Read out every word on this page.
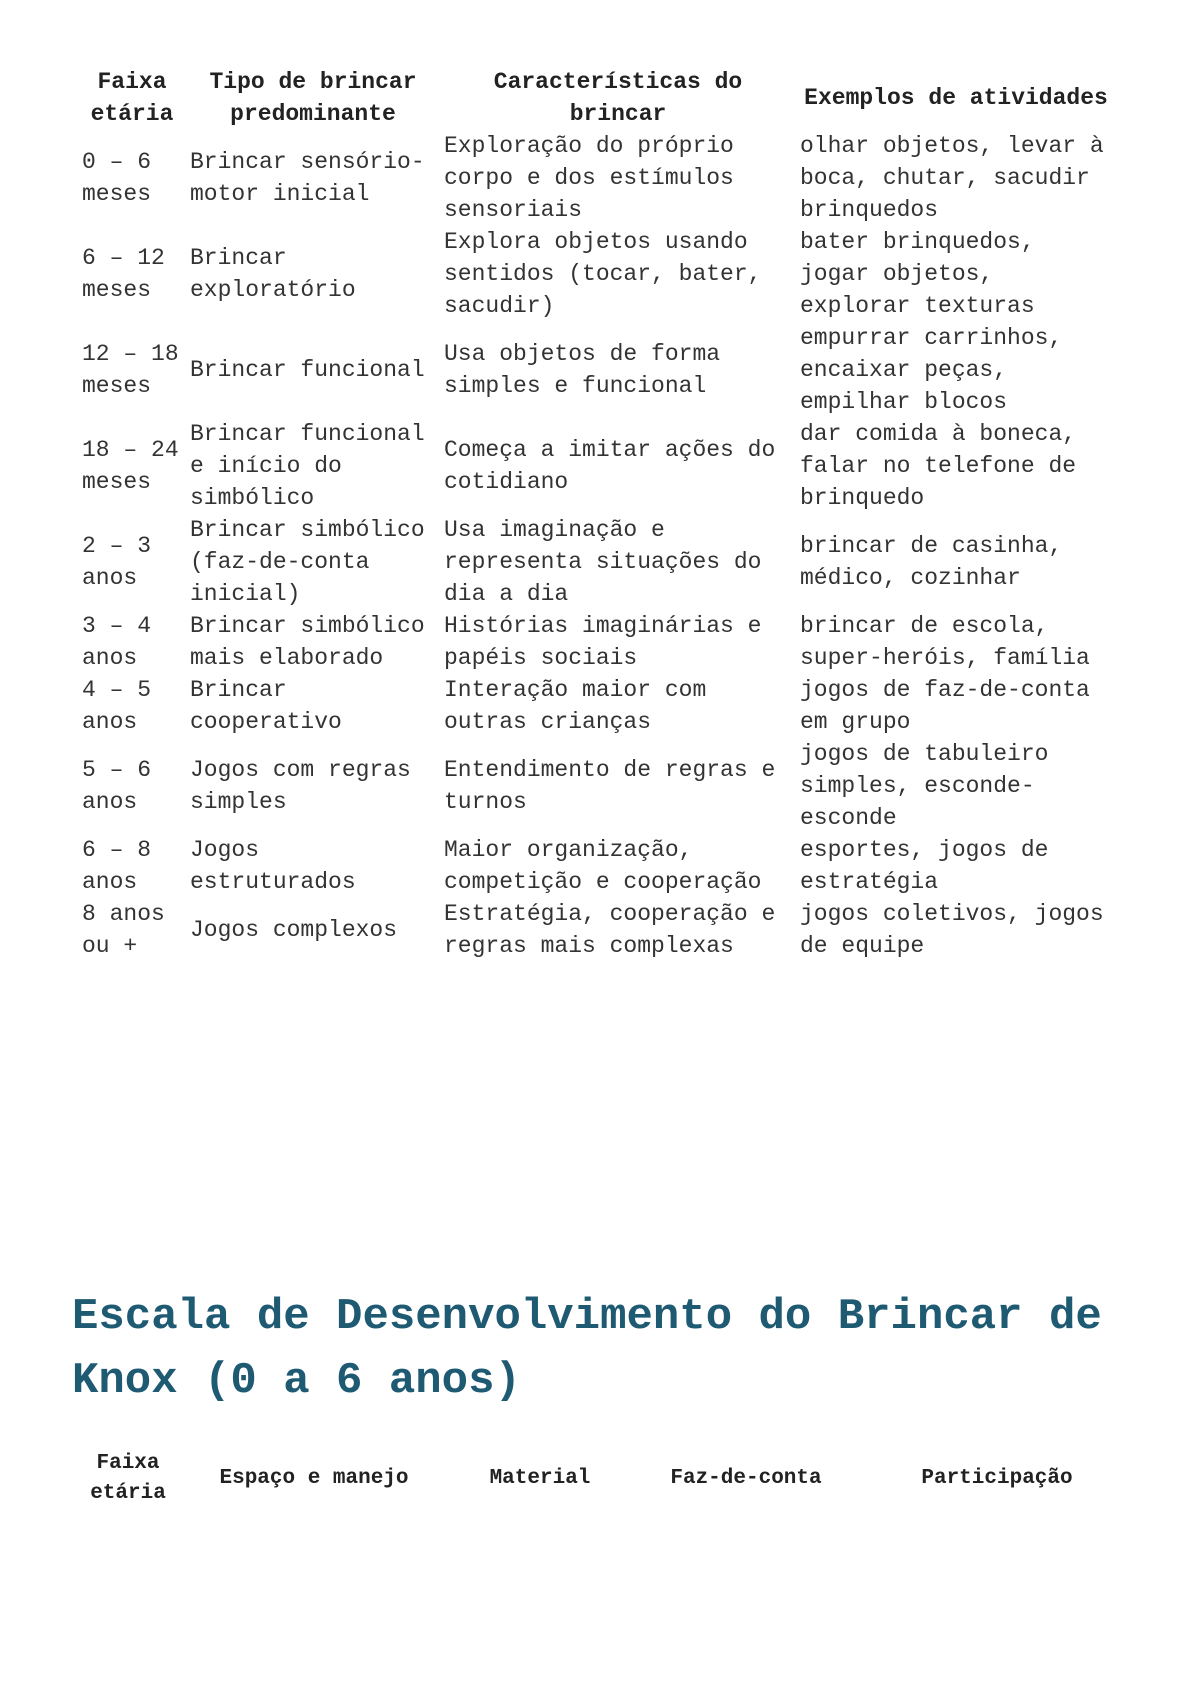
Faixa etária	Tipo de brincar predominante	Características do brincar	Exemplos de atividades
0 – 6 meses	Brincar sensório-motor inicial	Exploração do próprio corpo e dos estímulos sensoriais	olhar objetos, levar à boca, chutar, sacudir brinquedos
6 – 12 meses	Brincar exploratório	Explora objetos usando sentidos (tocar, bater, sacudir)	bater brinquedos, jogar objetos, explorar texturas
12 – 18 meses	Brincar funcional	Usa objetos de forma simples e funcional	empurrar carrinhos, encaixar peças, empilhar blocos
18 – 24 meses	Brincar funcional e início do simbólico	Começa a imitar ações do cotidiano	dar comida à boneca, falar no telefone de brinquedo
2 – 3 anos	Brincar simbólico (faz-de-conta inicial)	Usa imaginação e representa situações do dia a dia	brincar de casinha, médico, cozinhar
3 – 4 anos	Brincar simbólico mais elaborado	Histórias imaginárias e papéis sociais	brincar de escola, super-heróis, família
4 – 5 anos	Brincar cooperativo	Interação maior com outras crianças	jogos de faz-de-conta em grupo
5 – 6 anos	Jogos com regras simples	Entendimento de regras e turnos	jogos de tabuleiro simples, esconde-esconde
6 – 8 anos	Jogos estruturados	Maior organização, competição e cooperação	esportes, jogos de estratégia
8 anos ou +	Jogos complexos	Estratégia, cooperação e regras mais complexas	jogos coletivos, jogos de equipe
Escala de Desenvolvimento do Brincar de Knox (0 a 6 anos)
Faixa etária	Espaço e manejo	Material	Faz-de-conta	Participação
